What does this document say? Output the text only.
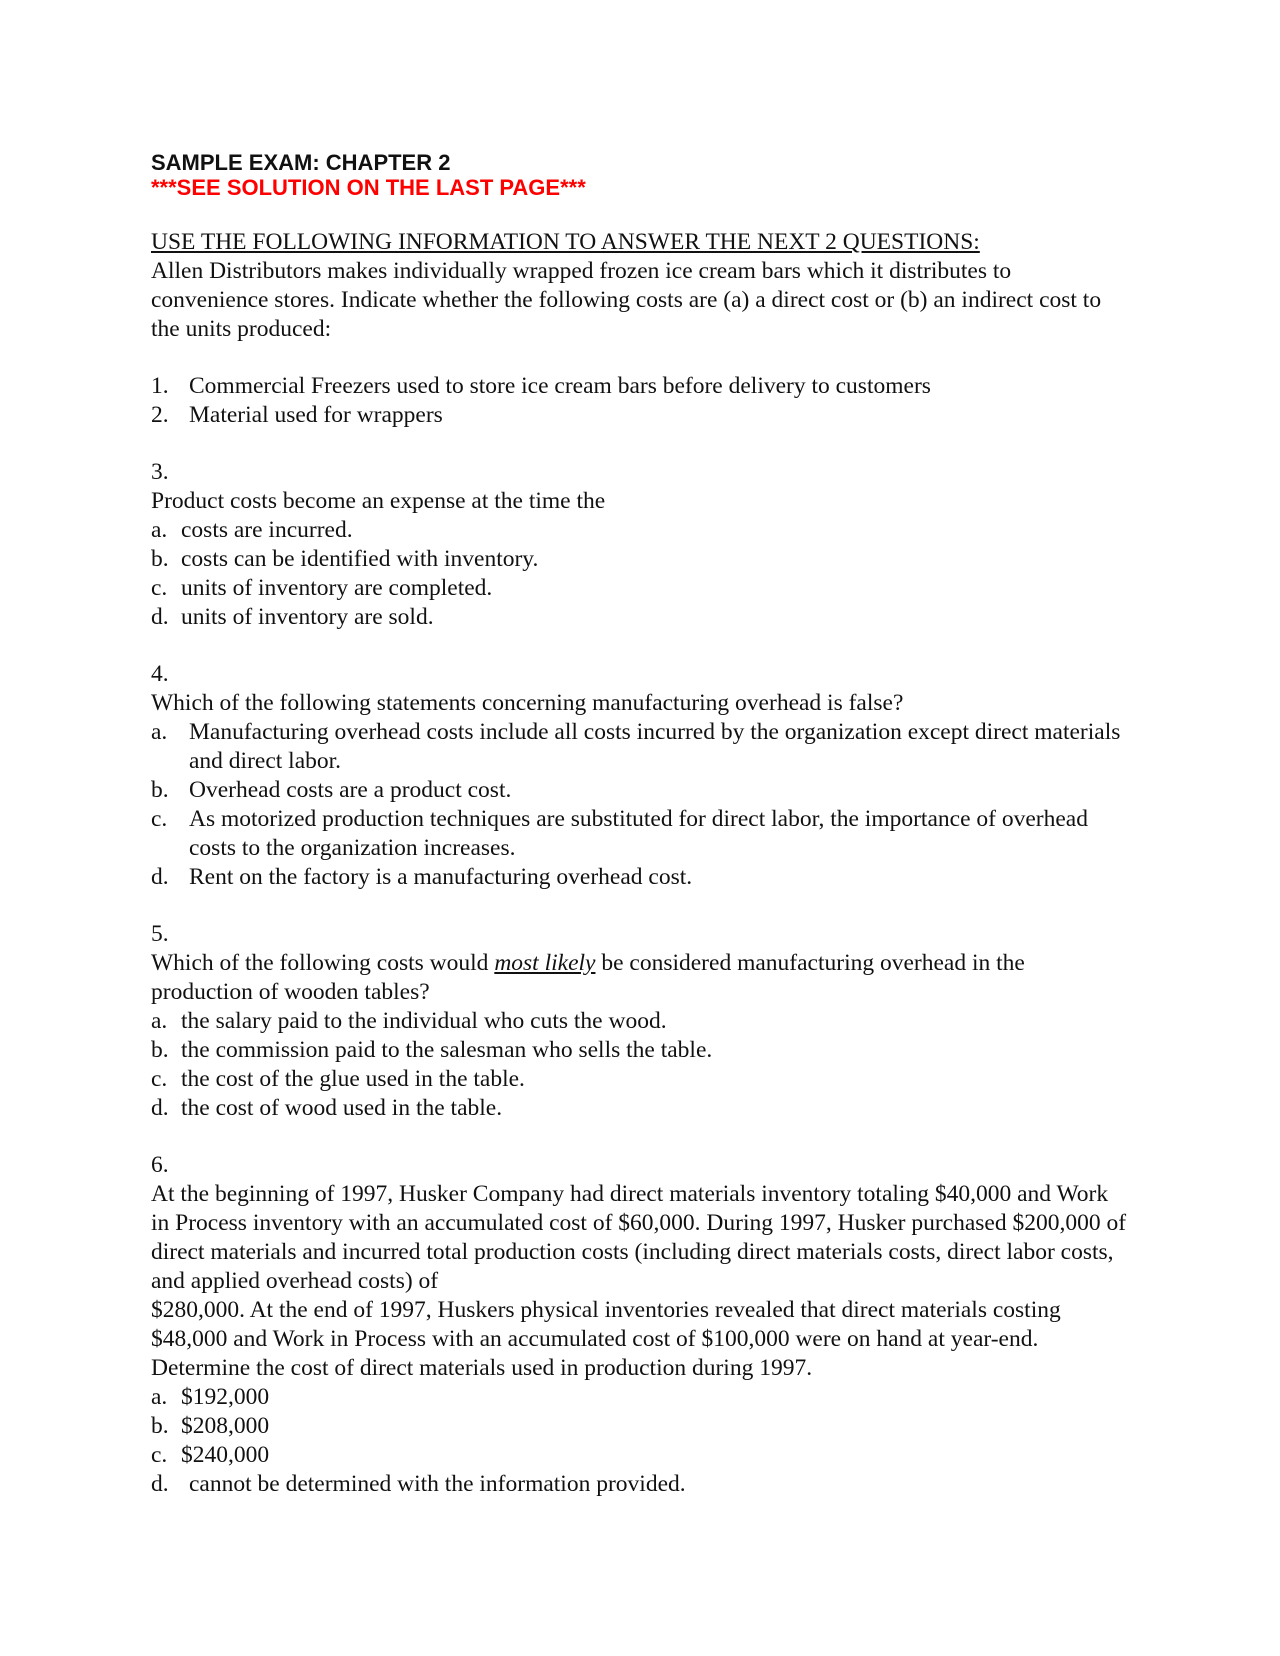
SAMPLE EXAM: CHAPTER 2
***SEE SOLUTION ON THE LAST PAGE***

USE THE FOLLOWING INFORMATION TO ANSWER THE NEXT 2 QUESTIONS:

Allen Distributors makes individually wrapped frozen ice cream bars which it distributes to convenience stores. Indicate whether the following costs are (a) a direct cost or (b) an indirect cost to the units produced:

1. Commercial Freezers used to store ice cream bars before delivery to customers
2. Material used for wrappers

3.

Product costs become an expense at the time the

a. costs are incurred.
b. costs can be identified with inventory.
c. units of inventory are completed.
d. units of inventory are sold.

4.

Which of the following statements concerning manufacturing overhead is false?

a. Manufacturing overhead costs include all costs incurred by the organization except direct materials and direct labor.
b. Overhead costs are a product cost.
c. As motorized production techniques are substituted for direct labor, the importance of overhead costs to the organization increases.
d. Rent on the factory is a manufacturing overhead cost.

5.

Which of the following costs would most likely be considered manufacturing overhead in the production of wooden tables?

a. the salary paid to the individual who cuts the wood.
b. the commission paid to the salesman who sells the table.
c. the cost of the glue used in the table.
d. the cost of wood used in the table.

6.

At the beginning of 1997, Husker Company had direct materials inventory totaling $40,000 and Work in Process inventory with an accumulated cost of $60,000. During 1997, Husker purchased $200,000 of direct materials and incurred total production costs (including direct materials costs, direct labor costs, and applied overhead costs) of

$280,000. At the end of 1997, Huskers physical inventories revealed that direct materials costing $48,000 and Work in Process with an accumulated cost of $100,000 were on hand at year-end. Determine the cost of direct materials used in production during 1997.

a. $192,000
b. $208,000
c. $240,000
d. cannot be determined with the information provided.
